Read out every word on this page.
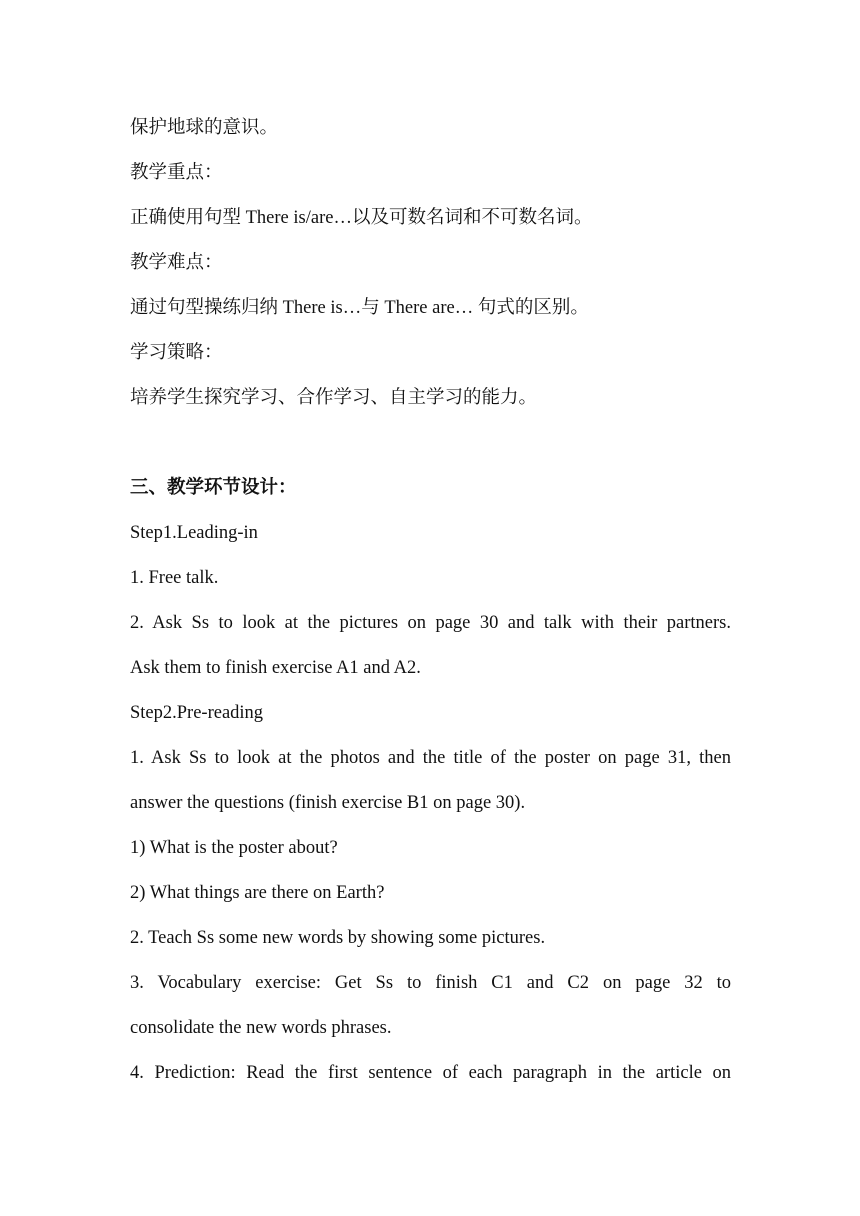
保护地球的意识。
教学重点：
正确使用句型 There is/are…以及可数名词和不可数名词。
教学难点：
通过句型操练归纳 There is…与 There are… 句式的区别。
学习策略：
培养学生探究学习、合作学习、自主学习的能力。
三、教学环节设计：
Step1.Leading-in
1. Free talk.
2. Ask Ss to look at the pictures on page 30 and talk with their partners.
Ask them to finish exercise A1 and A2.
Step2.Pre-reading
1. Ask Ss to look at the photos and the title of the poster on page 31, then
answer the questions (finish exercise B1 on page 30).
1) What is the poster about?
2) What things are there on Earth?
2. Teach Ss some new words by showing some pictures.
3. Vocabulary exercise: Get Ss to finish C1 and C2 on page 32 to
consolidate the new words phrases.
4. Prediction: Read the first sentence of each paragraph in the article on
